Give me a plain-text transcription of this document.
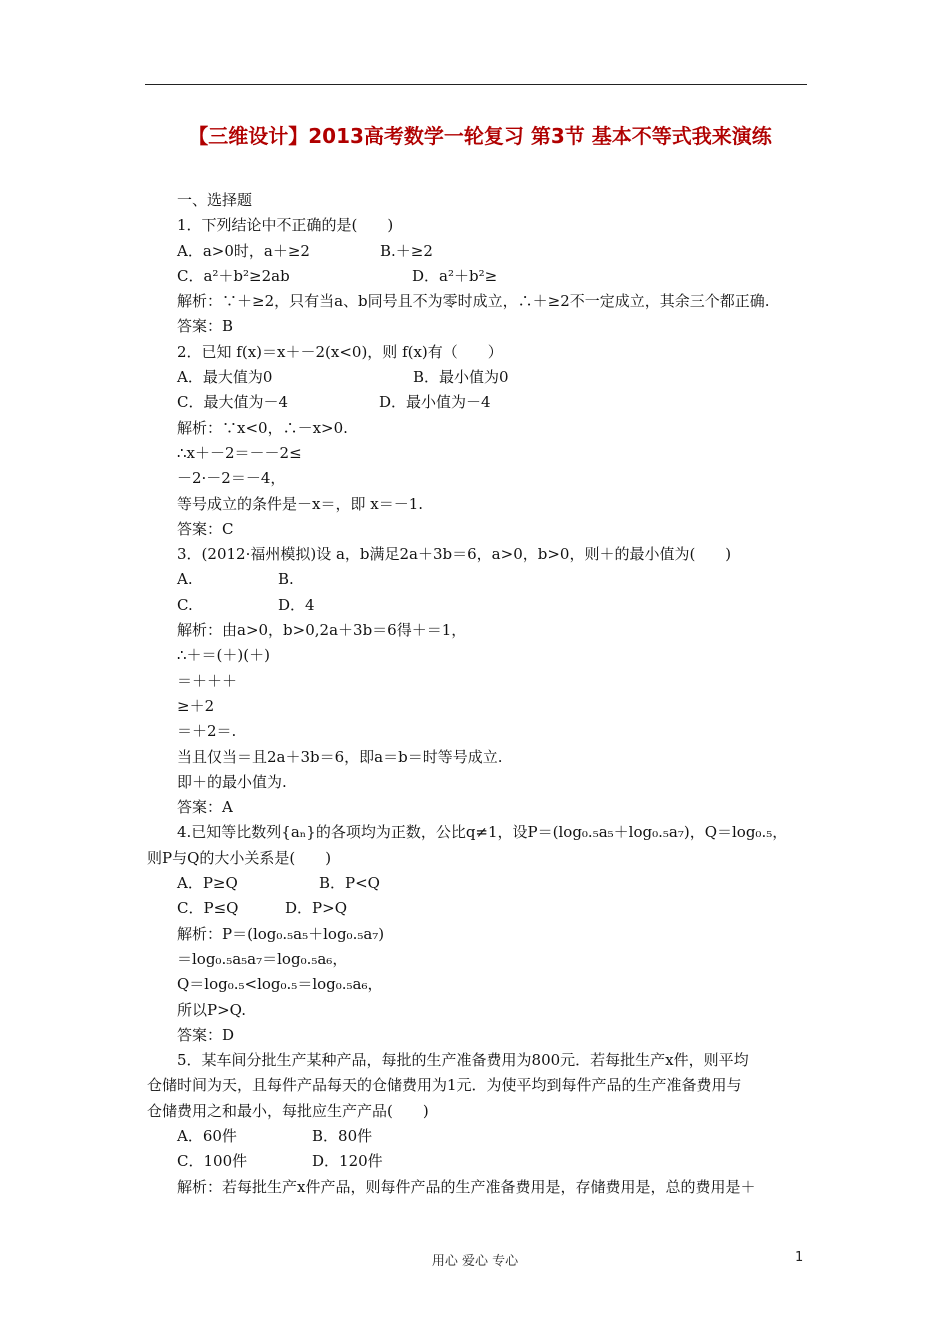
【三维设计】2013高考数学一轮复习 第3节 基本不等式我来演练
一、选择题
1．下列结论中不正确的是(　　)
A．a>0时，a＋≥2	B.＋≥2
C．a²＋b²≥2ab	D．a²＋b²≥
解析：∵＋≥2，只有当a、b同号且不为零时成立，∴＋≥2不一定成立，其余三个都正确.
答案：B
2．已知 f(x)＝x＋－2(x<0)，则 f(x)有（　　）
A．最大值为0	B．最小值为0
C．最大值为－4	D．最小值为－4
解析：∵x<0，∴－x>0.
∴x＋－2＝－－2≤
－2·－2＝－4，
等号成立的条件是－x＝，即 x＝－1.
答案：C
3．(2012·福州模拟)设 a，b满足2a＋3b＝6，a>0，b>0，则＋的最小值为(　　)
A.	B.
C.	D．4
解析：由a>0，b>0,2a＋3b＝6得＋＝1，
∴＋＝(＋)(＋)
＝＋＋＋
≥＋2
＝＋2＝.
当且仅当＝且2a＋3b＝6，即a＝b＝时等号成立.
即＋的最小值为.
答案：A
4.已知等比数列{aₙ}的各项均为正数，公比q≠1，设P＝(log₀.₅a₅＋log₀.₅a₇)，Q＝log₀.₅，
则P与Q的大小关系是(　　)
A．P≥Q	B．P<Q
C．P≤Q	D．P>Q
解析：P＝(log₀.₅a₅＋log₀.₅a₇)
＝log₀.₅a₅a₇＝log₀.₅a₆，
Q＝log₀.₅<log₀.₅＝log₀.₅a₆，
所以P>Q.
答案：D
5．某车间分批生产某种产品，每批的生产准备费用为800元．若每批生产x件，则平均
仓储时间为天，且每件产品每天的仓储费用为1元．为使平均到每件产品的生产准备费用与
仓储费用之和最小，每批应生产产品(　　)
A．60件	B．80件
C．100件	D．120件
解析：若每批生产x件产品，则每件产品的生产准备费用是，存储费用是，总的费用是＋
用心 爱心 专心	1
